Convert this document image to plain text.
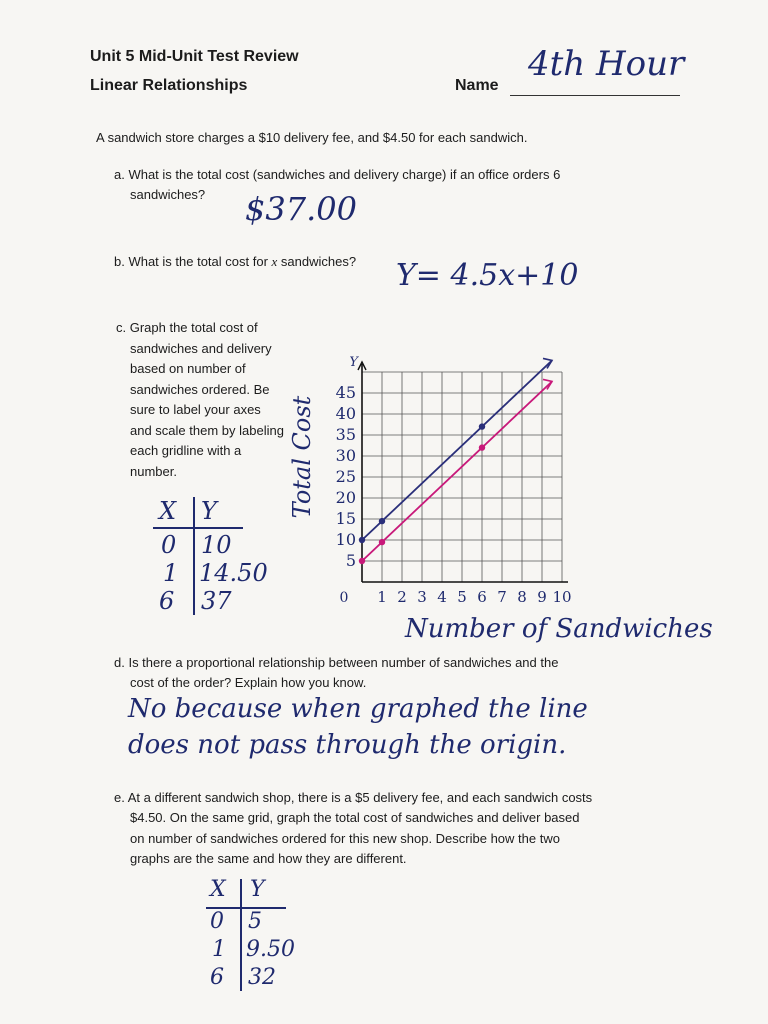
Unit 5 Mid-Unit Test Review
Linear Relationships	Name
4th Hour
A sandwich store charges a $10 delivery fee, and $4.50 for each sandwich.
a. What is the total cost (sandwiches and delivery charge) if an office orders 6
sandwiches? $37.00
b. What is the total cost for x sandwiches? Y= 4.5x+10
c. Graph the total cost of
sandwiches and delivery
based on number of
sandwiches ordered. Be
sure to label your axes
and scale them by labeling
each gridline with a
number.
X Y
0 10
1 14.50
6 37
Y
1 2 3 4 5 6 7 8 9 10
5
10
15
20
25
30
35
40
45
0
Total Cost
Number of Sandwiches
d. Is there a proportional relationship between number of sandwiches and the
cost of the order? Explain how you know.
No because when graphed the line
does not pass through the origin.
e. At a different sandwich shop, there is a $5 delivery fee, and each sandwich costs
$4.50. On the same grid, graph the total cost of sandwiches and deliver based
on number of sandwiches ordered for this new shop. Describe how the two
graphs are the same and how they are different.
X Y
0 5
1 9.50
6 32
